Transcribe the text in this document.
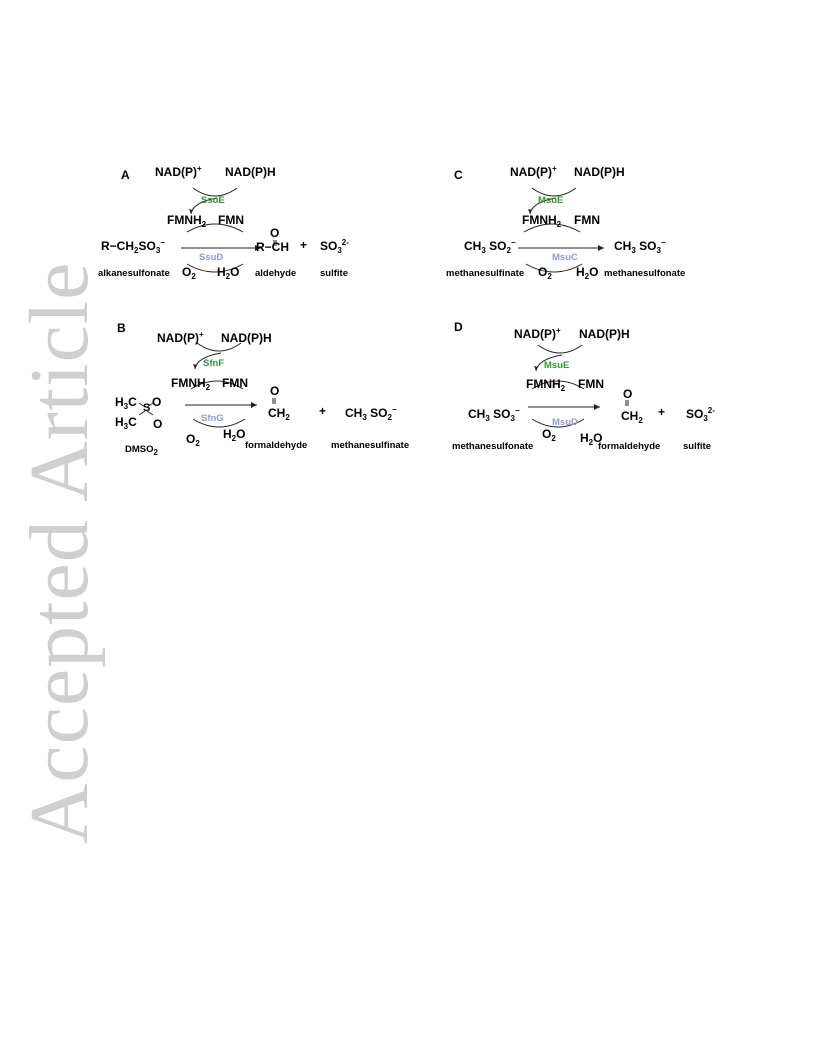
Accepted Article
A NAD(P)+ NAD(P)H
SsuE
$FMNH_2$ FMN
$R-CH_2SO_3^-$
SsuD
alkanesulfonate $O_2$ $H_2O$
O
R−CH
aldehyde
+ $SO_3^{2-}$
sulfite
C	NAD(P)+ NAD(P)H
MsuE
$FMNH_2$ FMN
$CH_3$ $SO_2^-$	$CH_3$ $SO_3^-$
MsuC
methanesulfinate $O_2$ $H_2O$ methanesulfonate
B
NAD(P)+ NAD(P)H
SfnF
$FMNH_2$ FMN
$H_3C$ S O
$H_3C$ O
$DMSO_2$
SfnG
$O_2$
$H_2O$
O
$CH_2$
formaldehyde
+ $CH_3$ $SO_2^-$
methanesulfinate
D	NAD(P)+ NAD(P)H
MsuE
$FMNH_2$ FMN
$CH_3$ $SO_3^-$
MsuD
$O_2$ $H_2O$
methanesulfonate
O
$CH_2$
formaldehyde
+ $SO_3^{2-}$
sulfite
